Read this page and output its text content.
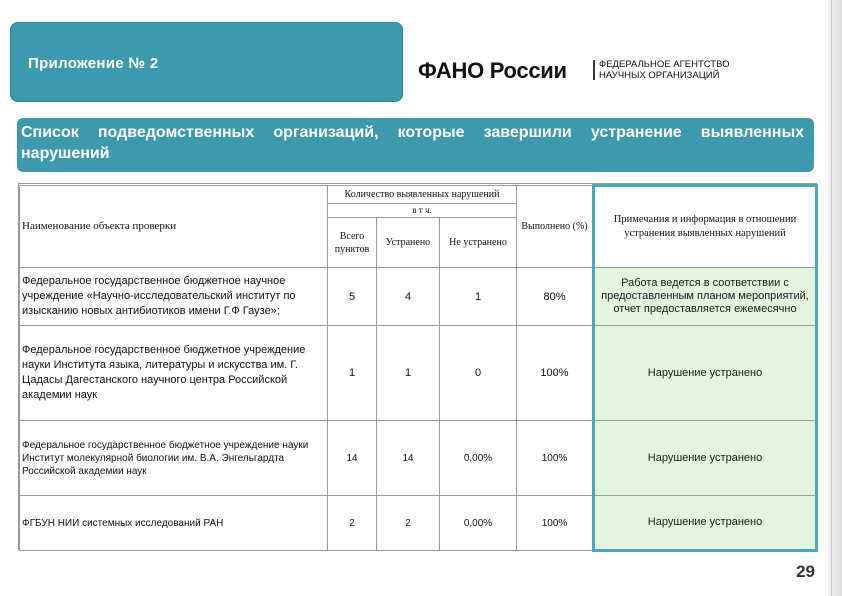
Приложение № 2	ФАНО России	ФЕДЕРАЛЬНОЕ АГЕНТСТВО
НАУЧНЫХ ОРГАНИЗАЦИЙ
Список подведомственных организаций, которые завершили устранение выявленных нарушений
Наименование объекта проверки	Количество выявленных нарушений			Выполнено (%)	Примечания и информация в отношении устранения выявленных нарушений
	в т ч.				
	Всего пунктов	Устранено	Не устранено		
Федеральное государственное бюджетное научное учреждение «Научно-исследовательский институт по изысканию новых антибиотиков имени Г.Ф Гаузе»;	5	4	1	80%	Работа ведется в соответствии с предоставленным планом мероприятий, отчет предоставляется ежемесячно
Федеральное государственное бюджетное учреждение науки Института языка, литературы и искусства им. Г. Цадасы Дагестанского научного центра Российской академии наук	1	1	0	100%	Нарушение устранено
Федеральное государственное бюджетное учреждение науки Институт молекулярной биологии им. В.А. Энгельгардта Российской академии наук	14	14	0,00%	100%	Нарушение устранено
ФГБУН НИИ системных исследований РАН	2	2	0,00%	100%	Нарушение устранено
29
